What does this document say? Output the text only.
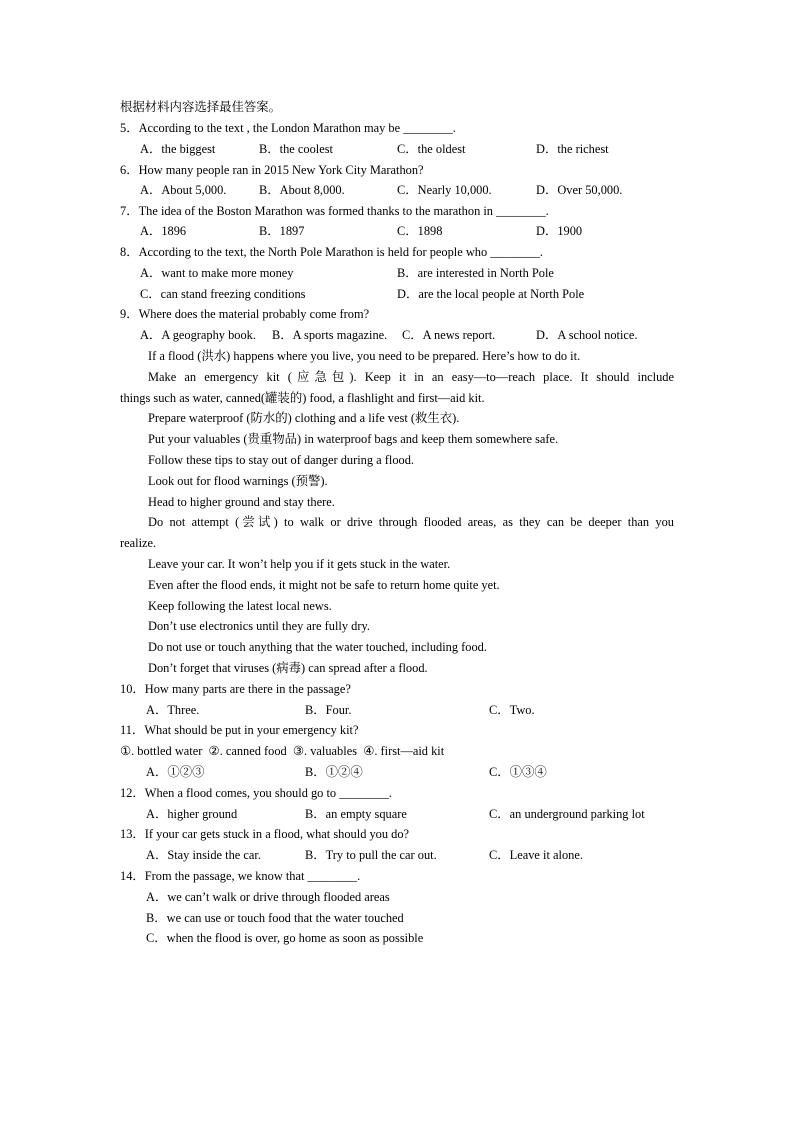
根据材料内容选择最佳答案。
5．According to the text , the London Marathon may be ________.
A．the biggest	B．the coolest	C．the oldest	D．the richest
6．How many people ran in 2015 New York City Marathon?
A．About 5,000.	B．About 8,000.	C．Nearly 10,000.	D．Over 50,000.
7．The idea of the Boston Marathon was formed thanks to the marathon in ________.
A．1896	B．1897	C．1898	D．1900
8．According to the text, the North Pole Marathon is held for people who ________.
A．want to make more money	B．are interested in North Pole
C．can stand freezing conditions	D．are the local people at North Pole
9．Where does the material probably come from?
A．A geography book. B．A sports magazine. C．A news report.	D．A school notice.
If a flood (洪水) happens where you live, you need to be prepared. Here’s how to do it.
Make an emergency kit (应急包). Keep it in an easy—to—reach place. It should include
things such as water, canned(罐装的) food, a flashlight and first—aid kit.
Prepare waterproof (防水的) clothing and a life vest (救生衣).
Put your valuables (贵重物品) in waterproof bags and keep them somewhere safe.
Follow these tips to stay out of danger during a flood.
Look out for flood warnings (预警).
Head to higher ground and stay there.
Do not attempt (尝试) to walk or drive through flooded areas, as they can be deeper than you
realize.
Leave your car. It won’t help you if it gets stuck in the water.
Even after the flood ends, it might not be safe to return home quite yet.
Keep following the latest local news.
Don’t use electronics until they are fully dry.
Do not use or touch anything that the water touched, including food.
Don’t forget that viruses (病毒) can spread after a flood.
10．How many parts are there in the passage?
A．Three.	B．Four.	C．Two.
11．What should be put in your emergency kit?
①. bottled water  ②. canned food  ③. valuables  ④. first—aid kit
A．①②③	B．①②④	C．①③④
12．When a flood comes, you should go to ________.
A．higher ground	B．an empty square	C．an underground parking lot
13．If your car gets stuck in a flood, what should you do?
A．Stay inside the car.	B．Try to pull the car out.	C．Leave it alone.
14．From the passage, we know that ________.
A．we can’t walk or drive through flooded areas
B．we can use or touch food that the water touched
C．when the flood is over, go home as soon as possible
